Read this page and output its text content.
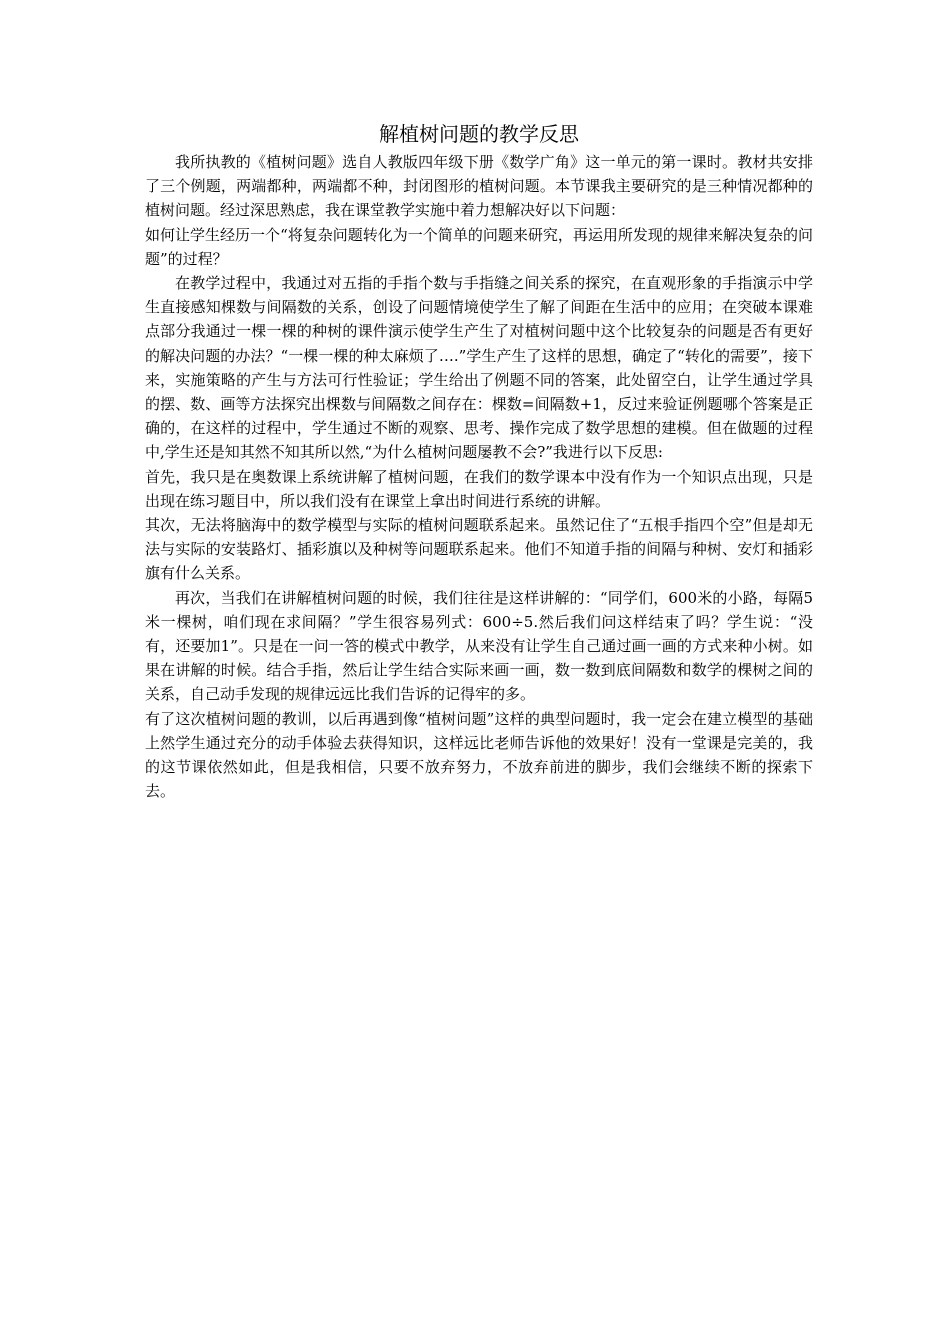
解植树问题的教学反思

我所执教的《植树问题》选自人教版四年级下册《数学广角》这一单元的第一课时。教材共安排了三个例题，两端都种，两端都不种，封闭图形的植树问题。本节课我主要研究的是三种情况都种的植树问题。经过深思熟虑，我在课堂教学实施中着力想解决好以下问题：

如何让学生经历一个“将复杂问题转化为一个简单的问题来研究，再运用所发现的规律来解决复杂的问题”的过程？

在教学过程中，我通过对五指的手指个数与手指缝之间关系的探究，在直观形象的手指演示中学生直接感知棵数与间隔数的关系，创设了问题情境使学生了解了间距在生活中的应用；在突破本课难点部分我通过一棵一棵的种树的课件演示使学生产生了对植树问题中这个比较复杂的问题是否有更好的解决问题的办法？“一棵一棵的种太麻烦了….”学生产生了这样的思想，确定了“转化的需要”，接下来，实施策略的产生与方法可行性验证；学生给出了例题不同的答案，此处留空白，让学生通过学具的摆、数、画等方法探究出棵数与间隔数之间存在：棵数=间隔数+1，反过来验证例题哪个答案是正确的，在这样的过程中，学生通过不断的观察、思考、操作完成了数学思想的建模。但在做题的过程中,学生还是知其然不知其所以然,“为什么植树问题屡教不会?”我进行以下反思:

首先，我只是在奥数课上系统讲解了植树问题，在我们的数学课本中没有作为一个知识点出现，只是出现在练习题目中，所以我们没有在课堂上拿出时间进行系统的讲解。

其次，无法将脑海中的数学模型与实际的植树问题联系起来。虽然记住了“五根手指四个空”但是却无法与实际的安装路灯、插彩旗以及种树等问题联系起来。他们不知道手指的间隔与种树、安灯和插彩旗有什么关系。

再次，当我们在讲解植树问题的时候，我们往往是这样讲解的：“同学们，600米的小路，每隔5米一棵树，咱们现在求间隔？”学生很容易列式：600÷5.然后我们问这样结束了吗？学生说：“没有，还要加1”。只是在一问一答的模式中教学，从来没有让学生自己通过画一画的方式来种小树。如果在讲解的时候。结合手指，然后让学生结合实际来画一画，数一数到底间隔数和数学的棵树之间的关系，自己动手发现的规律远远比我们告诉的记得牢的多。

有了这次植树问题的教训，以后再遇到像“植树问题”这样的典型问题时，我一定会在建立模型的基础上然学生通过充分的动手体验去获得知识，这样远比老师告诉他的效果好！没有一堂课是完美的，我的这节课依然如此，但是我相信，只要不放弃努力，不放弃前进的脚步，我们会继续不断的探索下去。
